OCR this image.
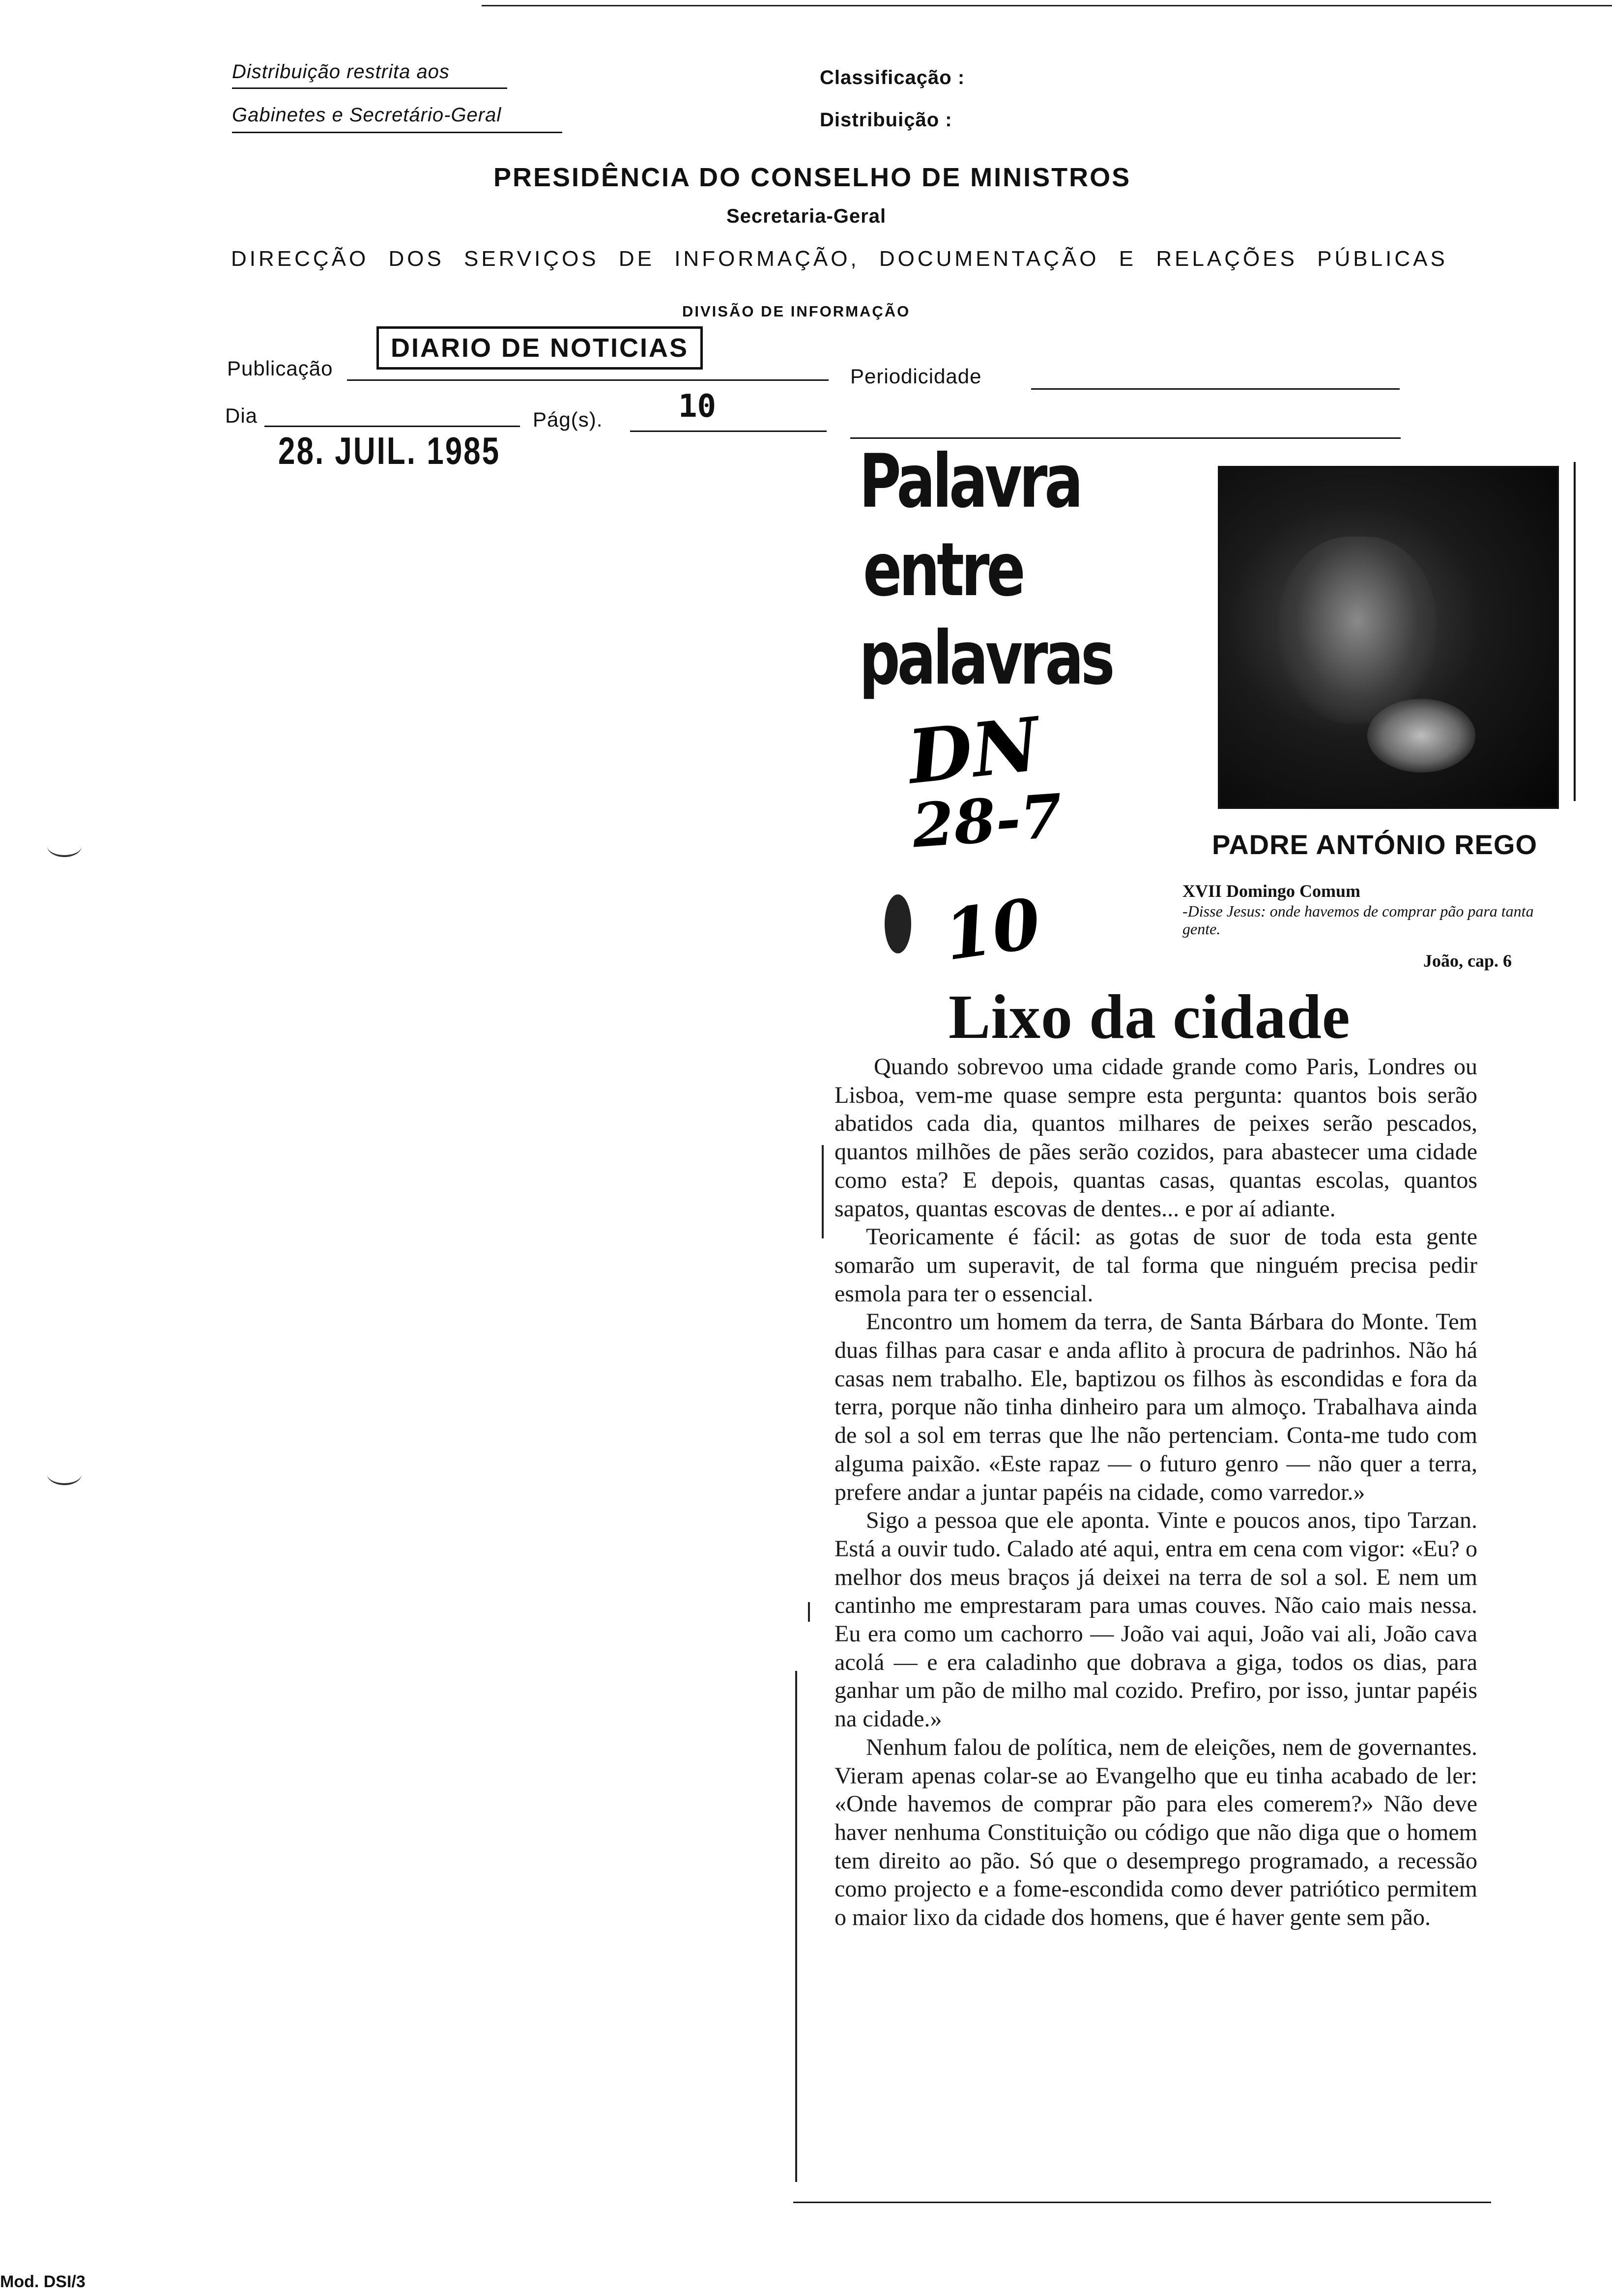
Distribuição restrita aos
Gabinetes e Secretário-Geral
Classificação :
Distribuição :
PRESIDÊNCIA DO CONSELHO DE MINISTROS
Secretaria-Geral
DIRECÇÃO DOS SERVIÇOS DE INFORMAÇÃO, DOCUMENTAÇÃO E RELAÇÕES PÚBLICAS
DIVISÃO DE INFORMAÇÃO
Publicação
DIARIO DE NOTICIAS
Periodicidade
Dia
28. JUIL. 1985
Pág(s). 10
Palavra
entre
palavras
PADRE ANTÓNIO REGO
XVII Domingo Comum
-Disse Jesus: onde havemos de comprar pão para tanta gente.
João, cap. 6
DN
28-7
10
Lixo da cidade

Quando sobrevoo uma cidade grande como Paris, Londres ou Lisboa, vem-me quase sempre esta pergunta: quantos bois serão abatidos cada dia, quantos milhares de peixes serão pescados, quantos milhões de pães serão cozidos, para abastecer uma cidade como esta? E depois, quantas casas, quantas escolas, quantos sapatos, quantas escovas de dentes... e por aí adiante.

Teoricamente é fácil: as gotas de suor de toda esta gente somarão um superavit, de tal forma que ninguém precisa pedir esmola para ter o essencial.

Encontro um homem da terra, de Santa Bárbara do Monte. Tem duas filhas para casar e anda aflito à procura de padrinhos. Não há casas nem trabalho. Ele, baptizou os filhos às escondidas e fora da terra, porque não tinha dinheiro para um almoço. Trabalhava ainda de sol a sol em terras que lhe não pertenciam. Conta-me tudo com alguma paixão. «Este rapaz — o futuro genro — não quer a terra, prefere andar a juntar papéis na cidade, como varredor.»

Sigo a pessoa que ele aponta. Vinte e poucos anos, tipo Tarzan. Está a ouvir tudo. Calado até aqui, entra em cena com vigor: «Eu? o melhor dos meus braços já deixei na terra de sol a sol. E nem um cantinho me emprestaram para umas couves. Não caio mais nessa. Eu era como um cachorro — João vai aqui, João vai ali, João cava acolá — e era caladinho que dobrava a giga, todos os dias, para ganhar um pão de milho mal cozido. Prefiro, por isso, juntar papéis na cidade.»

Nenhum falou de política, nem de eleições, nem de governantes. Vieram apenas colar-se ao Evangelho que eu tinha acabado de ler: «Onde havemos de comprar pão para eles comerem?» Não deve haver nenhuma Constituição ou código que não diga que o homem tem direito ao pão. Só que o desemprego programado, a recessão como projecto e a fome-escondida como dever patriótico permitem o maior lixo da cidade dos homens, que é haver gente sem pão.

Mod. DSI/3
